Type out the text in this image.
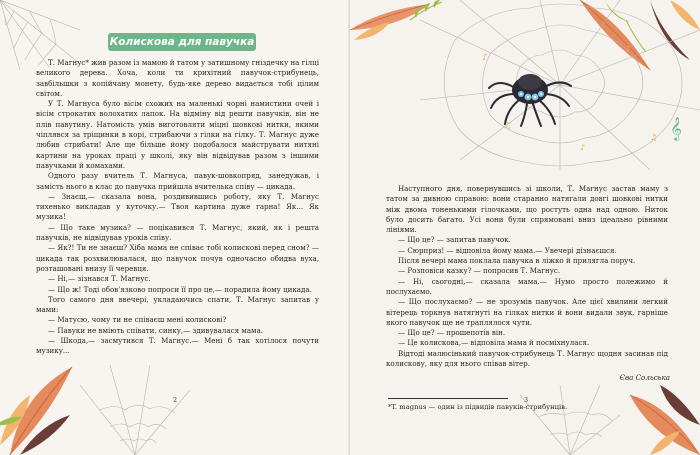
Колискова для павучка

Т. Магнус* жив разом із мамою й татом у затишному гніздечку на гілці великого дерева. Хоча, коли ти крихітний павучок-стрибунець, завбільшки з копійчану монету, будь-яке дерево видається тобі цілим світом.

У Т. Магнуса було вісім схожих на маленькі чорні намистини очей і вісім строкатих волохатих лапок. На відміну від решти павучків, він не плів павутину. Натомість умів виготовляти міцні шовкові нитки, якими чіплявся за тріщинки в корі, стрибаючи з гілки на гілку. Т. Магнус дуже любив стрибати! Але ще більше йому подобалося майструвати нитяні картини на уроках праці у школі, яку він відвідував разом з іншими павучками й комахами.

Одного разу вчитель Т. Магнуса, павук-шовкопряд, занедужав, і замість нього в клас до павучка прийшла вчителька співу — цикада.

— Знаєш,— сказала вона, роздивившись роботу, яку Т. Магнус тихенько викладав у куточку.— Твоя картина дуже гарна! Як... Як музика!

— Що таке музика? — поцікавився Т. Магнус, який, як і решта павучків, не відвідував уроків співу.

— Як?! Ти не знаєш? Хіба мама не співає тобі колискові перед сном? — цикада так розхвилювалася, що павучок почув одночасно обидва вуха, розташовані внизу її черевця.

— Ні,— зізнався Т. Магнус.

— Що ж! Тоді обов'язково попроси її про це,— порадила йому цикада.

Того самого дня ввечері, укладаючись спати, Т. Магнус запитав у мами:

— Матусю, чому ти не співаєш мені колискові?

— Павуки не вміють співати, синку,— здивувалася мама.

— Шкода,— засмутився Т. Магнус.— Мені б так хотілося почути музику...

2
♪
♫
♪
♫
♪
𝄞

Наступного дня, повернувшись зі школи, Т. Магнус застав маму з татом за дивною справою: вони старанно натягали довгі шовкові нитки між двома тоненькими гілочками, що ростуть одна над одною. Ниток було досить багато. Усі вони були спрямовані вниз ідеально рівними лініями.

— Що це? — запитав павучок.

— Сюрприз! — відповіла йому мама.— Увечері дізнаєшся.

Після вечері мама поклала павучка в ліжко й прилягла поруч.

— Розповіси казку? — попросив Т. Магнус.

— Ні, сьогодні,— сказала мама.— Нумо просто полежимо й послухаємо.

— Що послухаємо? — не зрозумів павучок. Але цієї хвилини легкий вітерець торкнув натягнуті на гілках нитки й вони видали звук, гарніше якого павучок ще не траплялося чути.

— Що це? — прошепотів він.

— Це колискова,— відповіла мама й посміхнулася.

Відтоді малюсінький павучок-стрибунець Т. Магнус щодня засинав під колискову, яку для нього співав вітер.

Єва Сольська
*T. magnus — один із підвидів павуків-стрибунців.
3
